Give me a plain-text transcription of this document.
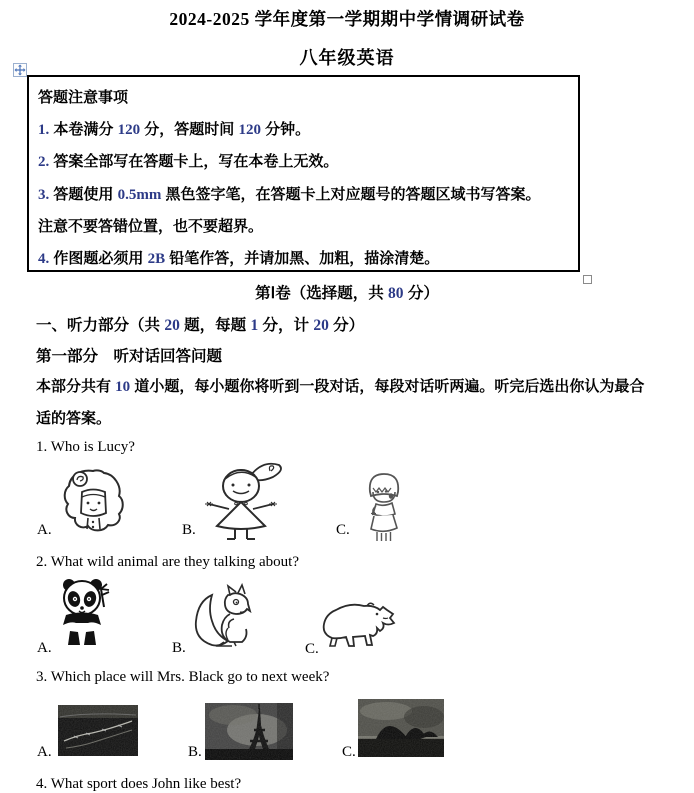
2024-2025 学年度第一学期期中学情调研试卷
八年级英语
答题注意事项
1. 本卷满分 120 分，答题时间 120 分钟。
2. 答案全部写在答题卡上，写在本卷上无效。
3. 答题使用 0.5mm 黑色签字笔，在答题卡上对应题号的答题区域书写答案。
注意不要答错位置，也不要超界。
4. 作图题必须用 2B 铅笔作答，并请加黑、加粗，描涂清楚。
第Ⅰ卷（选择题，共 80 分）
一、听力部分（共 20 题，每题 1 分，计 20 分）
第一部分　听对话回答问题
本部分共有 10 道小题，每小题你将听到一段对话，每段对话听两遍。听完后选出你认为最合
适的答案。
1. Who is Lucy?
A.	B.	C.
2. What wild animal are they talking about?
A.	B.	C.
3. Which place will Mrs. Black go to next week?
A.	B.	C.
4. What sport does John like best?
